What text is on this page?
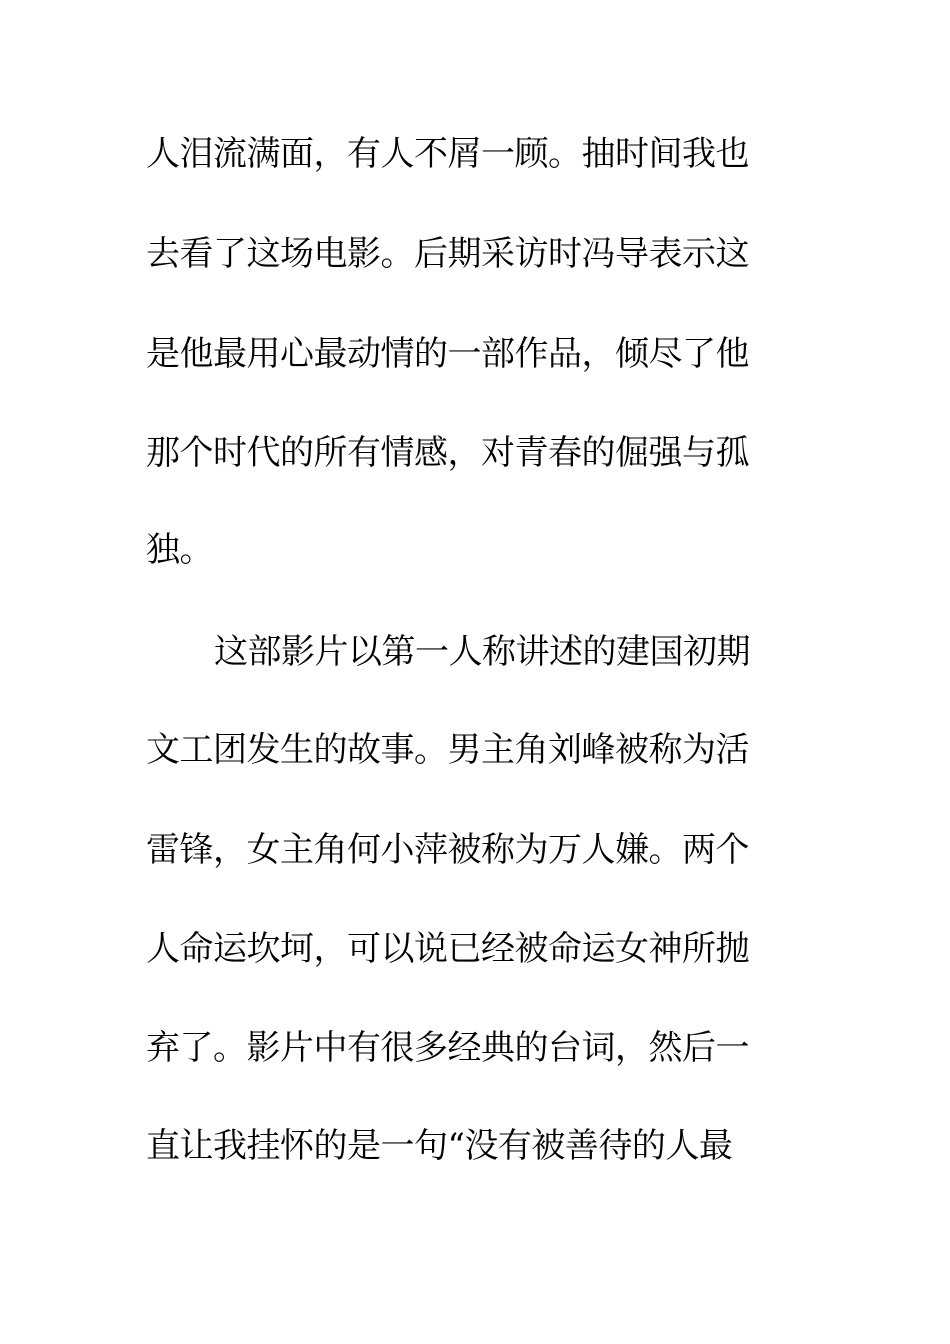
人泪流满面，有人不屑一顾。抽时间我也
去看了这场电影。后期采访时冯导表示这
是他最用心最动情的一部作品，倾尽了他
那个时代的所有情感，对青春的倔强与孤
独。
这部影片以第一人称讲述的建国初期
文工团发生的故事。男主角刘峰被称为活
雷锋，女主角何小萍被称为万人嫌。两个
人命运坎坷，可以说已经被命运女神所抛
弃了。影片中有很多经典的台词，然后一
直让我挂怀的是一句“没有被善待的人最
